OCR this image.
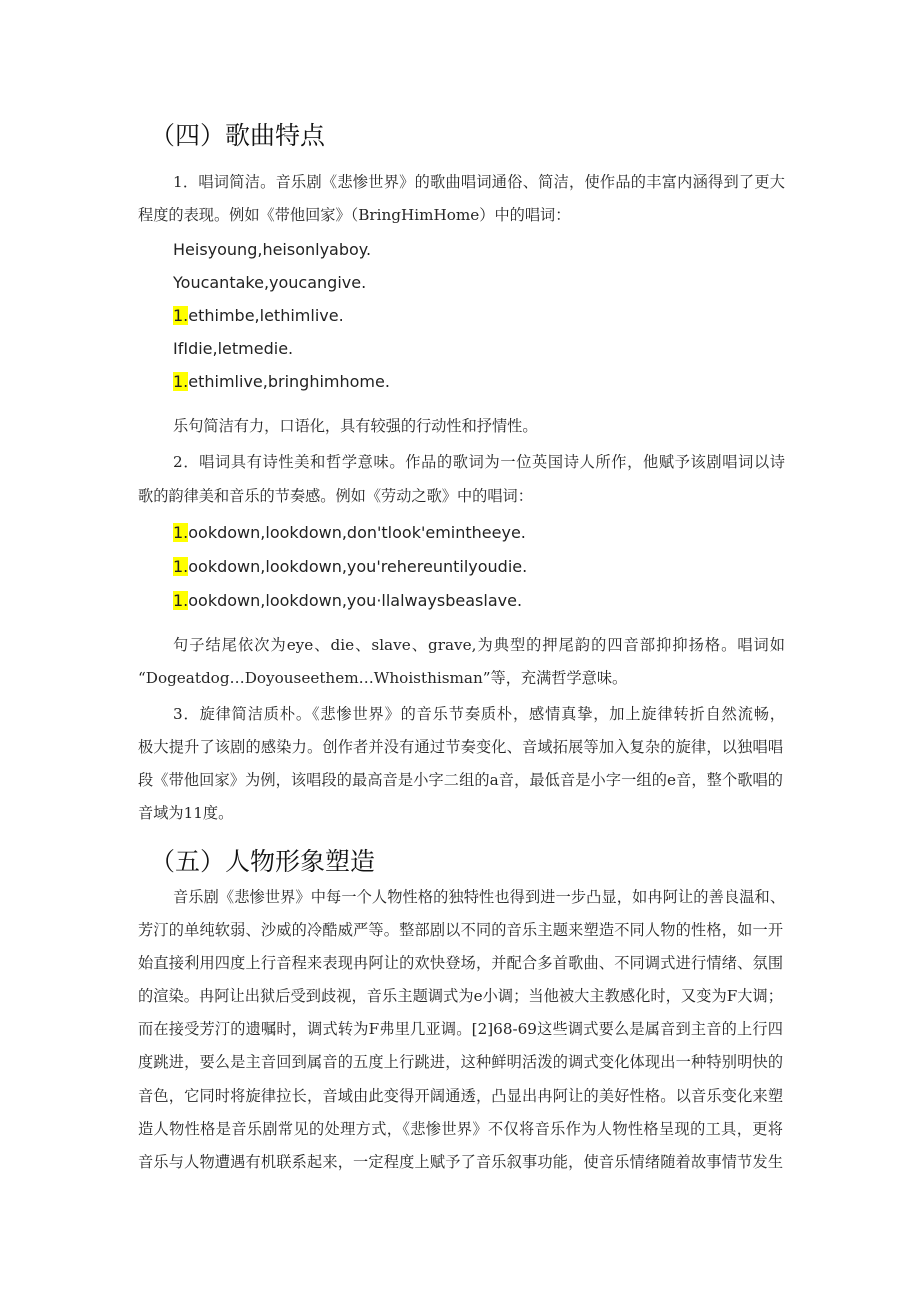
（四）歌曲特点
1．唱词简洁。音乐剧《悲惨世界》的歌曲唱词通俗、简洁，使作品的丰富内涵得到了更大
程度的表现。例如《带他回家》（BringHimHome）中的唱词：
Heisyoung,heisonlyaboy.
Youcantake,youcangive.
1.ethimbe,lethimlive.
IfIdie,letmedie.
1.ethimlive,bringhimhome.
乐句简洁有力，口语化，具有较强的行动性和抒情性。
2．唱词具有诗性美和哲学意味。作品的歌词为一位英国诗人所作，他赋予该剧唱词以诗
歌的韵律美和音乐的节奏感。例如《劳动之歌》中的唱词：
1.ookdown,lookdown,don'tlook'emintheeye.
1.ookdown,lookdown,you'rehereuntilyoudie.
1.ookdown,lookdown,you·llalwaysbeaslave.
句子结尾依次为eye、die、slave、grave,为典型的押尾韵的四音部抑抑扬格。唱词如
“Dogeatdog…Doyouseethem…Whoisthisman”等，充满哲学意味。
3．旋律简洁质朴。《悲惨世界》的音乐节奏质朴，感情真挚，加上旋律转折自然流畅，
极大提升了该剧的感染力。创作者并没有通过节奏变化、音域拓展等加入复杂的旋律，以独唱唱
段《带他回家》为例，该唱段的最高音是小字二组的a音，最低音是小字一组的e音，整个歌唱的
音域为11度。
（五）人物形象塑造
音乐剧《悲惨世界》中每一个人物性格的独特性也得到进一步凸显，如冉阿让的善良温和、
芳汀的单纯软弱、沙威的冷酷威严等。整部剧以不同的音乐主题来塑造不同人物的性格，如一开
始直接利用四度上行音程来表现冉阿让的欢快登场，并配合多首歌曲、不同调式进行情绪、氛围
的渲染。冉阿让出狱后受到歧视，音乐主题调式为e小调；当他被大主教感化时，又变为F大调；
而在接受芳汀的遗嘱时，调式转为F弗里几亚调。[2]68-69这些调式要么是属音到主音的上行四
度跳进，要么是主音回到属音的五度上行跳进，这种鲜明活泼的调式变化体现出一种特别明快的
音色，它同时将旋律拉长，音域由此变得开阔通透，凸显出冉阿让的美好性格。以音乐变化来塑
造人物性格是音乐剧常见的处理方式，《悲惨世界》不仅将音乐作为人物性格呈现的工具，更将
音乐与人物遭遇有机联系起来，一定程度上赋予了音乐叙事功能，使音乐情绪随着故事情节发生
